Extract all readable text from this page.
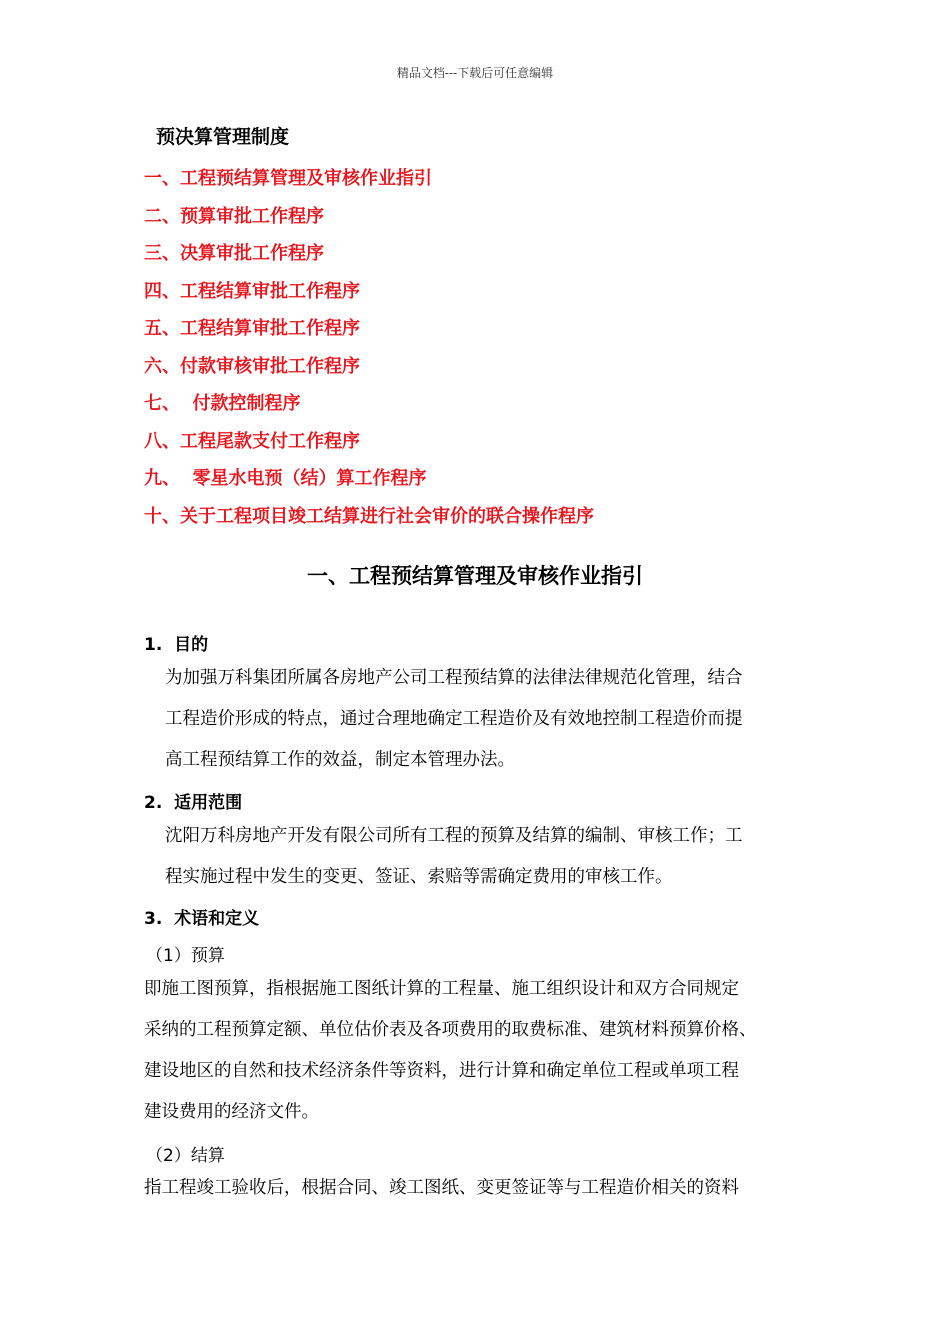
精品文档---下载后可任意编辑
预决算管理制度
一、工程预结算管理及审核作业指引
二、预算审批工作程序
三、决算审批工作程序
四、工程结算审批工作程序
五、工程结算审批工作程序
六、付款审核审批工作程序
七、  付款控制程序
八、工程尾款支付工作程序
九、  零星水电预（结）算工作程序
十、关于工程项目竣工结算进行社会审价的联合操作程序
一、工程预结算管理及审核作业指引
1.  目的
为加强万科集团所属各房地产公司工程预结算的法律法律规范化管理，结合
工程造价形成的特点，通过合理地确定工程造价及有效地控制工程造价而提
高工程预结算工作的效益，制定本管理办法。
2.  适用范围
沈阳万科房地产开发有限公司所有工程的预算及结算的编制、审核工作；工
程实施过程中发生的变更、签证、索赔等需确定费用的审核工作。
3.  术语和定义
（1）预算
即施工图预算，指根据施工图纸计算的工程量、施工组织设计和双方合同规定
采纳的工程预算定额、单位估价表及各项费用的取费标准、建筑材料预算价格、
建设地区的自然和技术经济条件等资料，进行计算和确定单位工程或单项工程
建设费用的经济文件。
（2）结算
指工程竣工验收后，根据合同、竣工图纸、变更签证等与工程造价相关的资料
